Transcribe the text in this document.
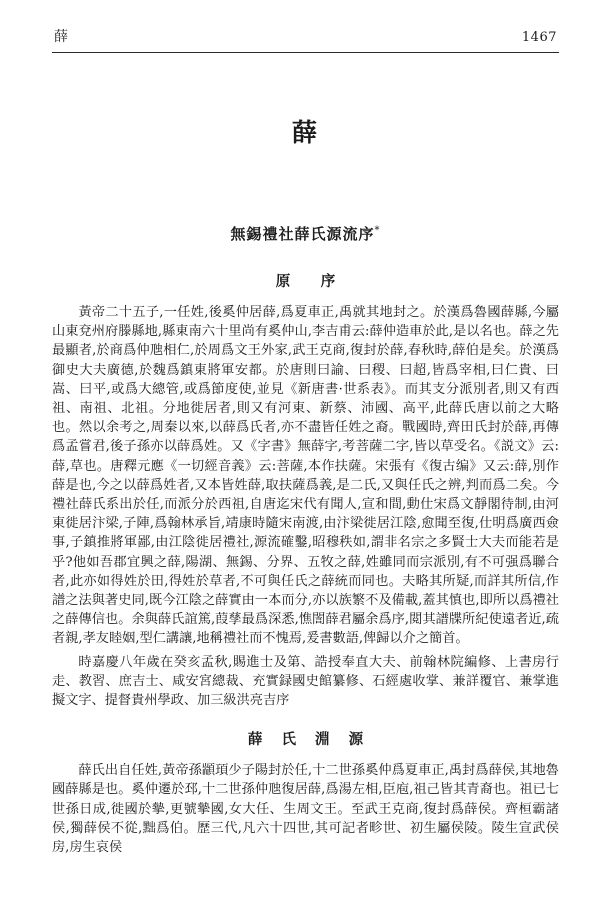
薛	1467
薛
無錫禮社薛氏源流序*
原　序

黃帝二十五子,一任姓,後奚仲居薛,爲夏車正,禹就其地封之。於漢爲魯國薛縣,今屬山東兗州府滕縣地,縣東南六十里尚有奚仲山,李吉甫云:薛仲造車於此,是以名也。薛之先最顯者,於商爲仲虺相仁,於周爲文王外家,武王克商,復封於薛,春秋時,薛伯是矣。於漢爲御史大夫廣德,於魏爲鎮東將軍安都。於唐則曰諭、曰稷、曰超,皆爲宰相,曰仁貴、曰嵩、曰平,或爲大總管,或爲節度使,並見《新唐書·世系表》。而其支分派別者,則又有西祖、南祖、北祖。分地徙居者,則又有河東、新蔡、沛國、高平,此薛氏唐以前之大略也。然以余考之,周秦以來,以薛爲氏者,亦不盡皆任姓之裔。戰國時,齊田氏封於薛,再傳爲孟嘗君,後子孫亦以薛爲姓。又《字書》無薛字,考菩薩二字,皆以草受名。《説文》云:薛,草也。唐釋元應《一切經音義》云:菩薩,本作扶薩。宋張有《復古编》又云:薛,別作薛是也,今之以薛爲姓者,又本皆姓薛,取扶薩爲義,是二氏,又與任氏之辨,判而爲二矣。今禮社薛氏系出於任,而派分於西祖,自唐迄宋代有聞人,宣和間,動仕宋爲文靜閣待制,由河東徙居汴梁,子陣,爲翰林承旨,靖康時隨宋南渡,由汴梁徙居江陰,愈聞至復,仕明爲廣西僉事,子鎮推將軍鄙,由江陰徙居禮社,源流確鑿,昭穆秩如,謂非名宗之多賢士大夫而能若是乎?他如吾郡宜興之薛,陽湖、無錫、分界、五牧之薛,姓雖同而宗派別,有不可强爲聯合者,此亦如得姓於田,得姓於草者,不可與任氏之薛統而同也。夫略其所疑,而詳其所信,作譜之法與著史同,既今江陰之薛實由一本而分,亦以族繁不及備載,蓋其慎也,即所以爲禮社之薛傳信也。余與薛氏誼篤,葭孳最爲深悉,憔誾薛君屬余爲序,閲其譜牒所紀使遠者近,疏者親,孝友睦姻,型仁講讓,地稱禮社而不愧焉,爰書數語,俾歸以介之簡首。

時嘉慶八年歲在癸亥孟秋,賜進士及第、誥授奉直大夫、前翰林院編修、上書房行走、教習、庶吉士、咸安宮總裁、充實録國史館纂修、石經處收掌、兼詳覆官、兼掌進擬文字、提督貴州學政、加三級洪亮吉序

薛 氏 淵 源

薛氏出自任姓,黃帝孫顓頊少子陽封於任,十二世孫奚仲爲夏車正,禹封爲薛侯,其地魯國薛縣是也。奚仲遷於邳,十二世孫仲虺復居薛,爲湯左相,臣庖,祖己皆其青裔也。祖已七世孫日成,徙國於摰,更號摰國,女大任、生周文王。至武王克商,復封爲薛侯。齊桓霸諸侯,獨薛侯不從,黜爲伯。歷三代,凡六十四世,其可記者畛世、初生屬侯陵。陵生宣武侯房,房生哀侯
